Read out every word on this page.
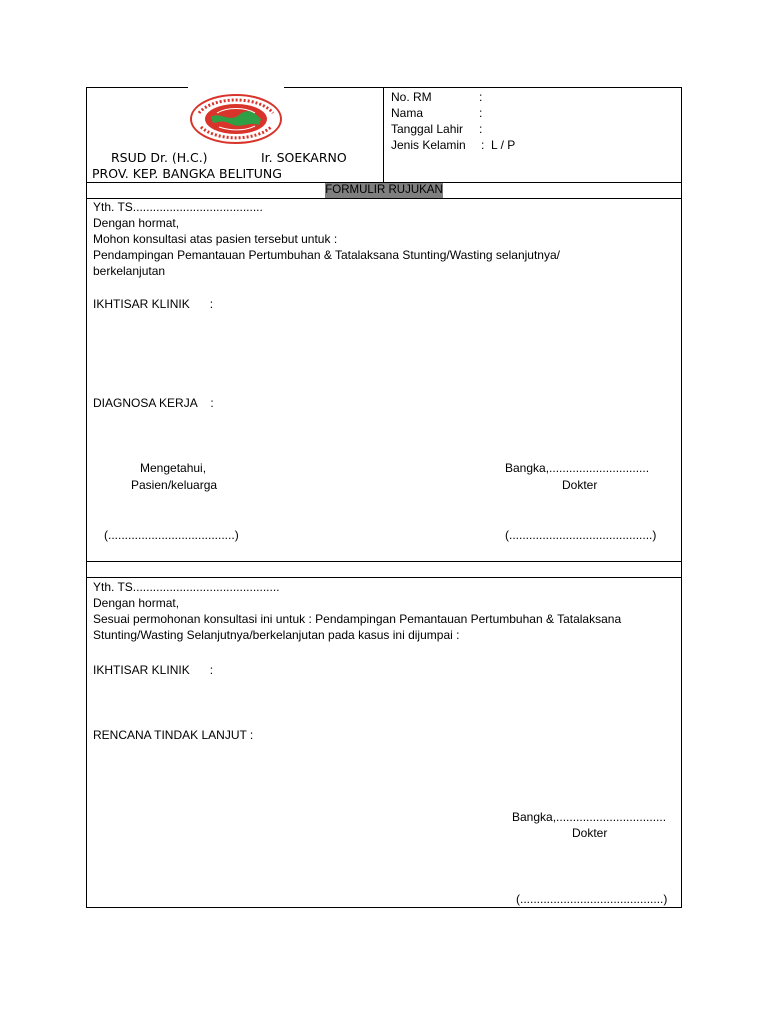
RSUD Dr. (H.C.)	Ir. SOEKARNO
PROV. KEP. BANGKA BELITUNG
No. RM	:
Nama	:
Tanggal Lahir :
Jenis Kelamin : L / P
FORMULIR RUJUKAN
Yth. TS.......................................
Dengan hormat,
Mohon konsultasi atas pasien tersebut untuk :
Pendampingan Pemantauan Pertumbuhan & Tatalaksana Stunting/Wasting selanjutnya/
berkelanjutan
IKHTISAR KLINIK      :
DIAGNOSA KERJA    :
Mengetahui,
Pasien/keluarga
Bangka,..............................
Dokter
(......................................)	(...........................................)
Yth. TS............................................
Dengan hormat,
Sesuai permohonan konsultasi ini untuk : Pendampingan Pemantauan Pertumbuhan & Tatalaksana
Stunting/Wasting Selanjutnya/berkelanjutan pada kasus ini dijumpai :
IKHTISAR KLINIK      :
RENCANA TINDAK LANJUT :
Bangka,.................................
Dokter
(...........................................)
